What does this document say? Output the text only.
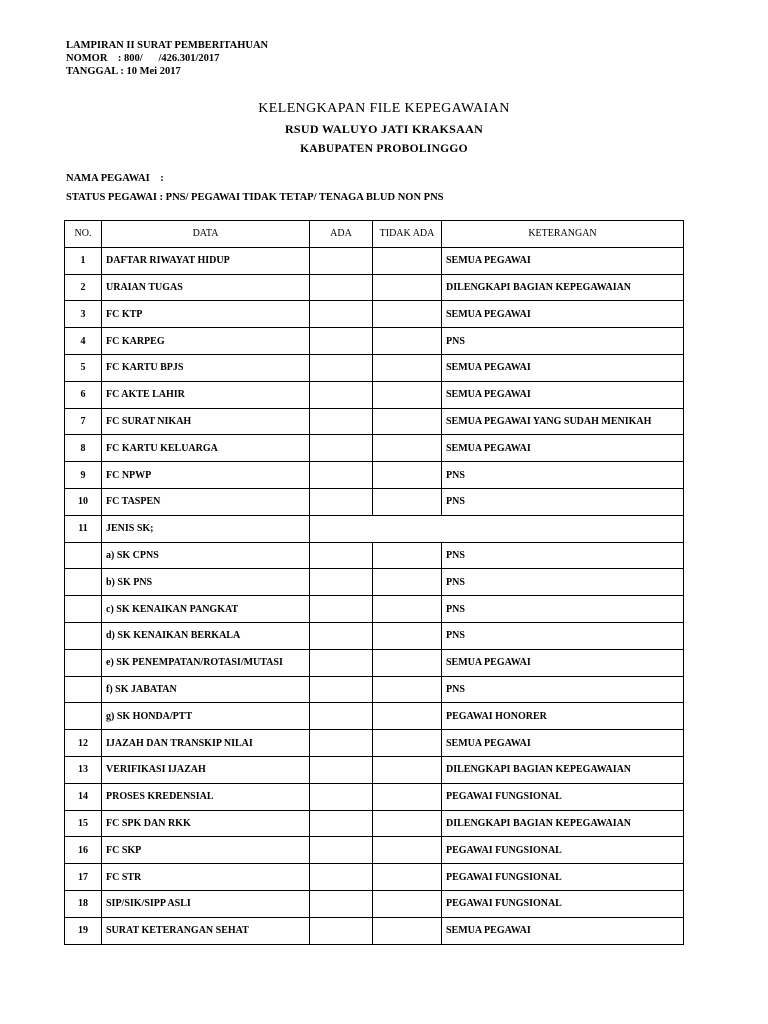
LAMPIRAN II SURAT PEMBERITAHUAN
NOMOR    : 800/      /426.301/2017
TANGGAL : 10 Mei 2017
KELENGKAPAN FILE KEPEGAWAIAN
RSUD WALUYO JATI KRAKSAAN
KABUPATEN PROBOLINGGO
NAMA PEGAWAI    :
STATUS PEGAWAI : PNS/ PEGAWAI TIDAK TETAP/ TENAGA BLUD NON PNS
NO.	DATA	ADA	TIDAK ADA	KETERANGAN
1	DAFTAR RIWAYAT HIDUP			SEMUA PEGAWAI
2	URAIAN TUGAS			DILENGKAPI BAGIAN KEPEGAWAIAN
3	FC KTP			SEMUA PEGAWAI
4	FC KARPEG			PNS
5	FC KARTU BPJS			SEMUA PEGAWAI
6	FC AKTE LAHIR			SEMUA PEGAWAI
7	FC SURAT NIKAH			SEMUA PEGAWAI YANG SUDAH MENIKAH
8	FC KARTU KELUARGA			SEMUA PEGAWAI
9	FC NPWP			PNS
10	FC TASPEN			PNS
11	JENIS SK;			
	a) SK CPNS			PNS
	b) SK PNS			PNS
	c) SK KENAIKAN PANGKAT			PNS
	d) SK KENAIKAN BERKALA			PNS
	e) SK PENEMPATAN/ROTASI/MUTASI			SEMUA PEGAWAI
	f) SK JABATAN			PNS
	g) SK HONDA/PTT			PEGAWAI HONORER
12	IJAZAH DAN TRANSKIP NILAI			SEMUA PEGAWAI
13	VERIFIKASI IJAZAH			DILENGKAPI BAGIAN KEPEGAWAIAN
14	PROSES KREDENSIAL			PEGAWAI FUNGSIONAL
15	FC SPK DAN RKK			DILENGKAPI BAGIAN KEPEGAWAIAN
16	FC SKP			PEGAWAI FUNGSIONAL
17	FC STR			PEGAWAI FUNGSIONAL
18	SIP/SIK/SIPP ASLI			PEGAWAI FUNGSIONAL
19	SURAT KETERANGAN SEHAT			SEMUA PEGAWAI
